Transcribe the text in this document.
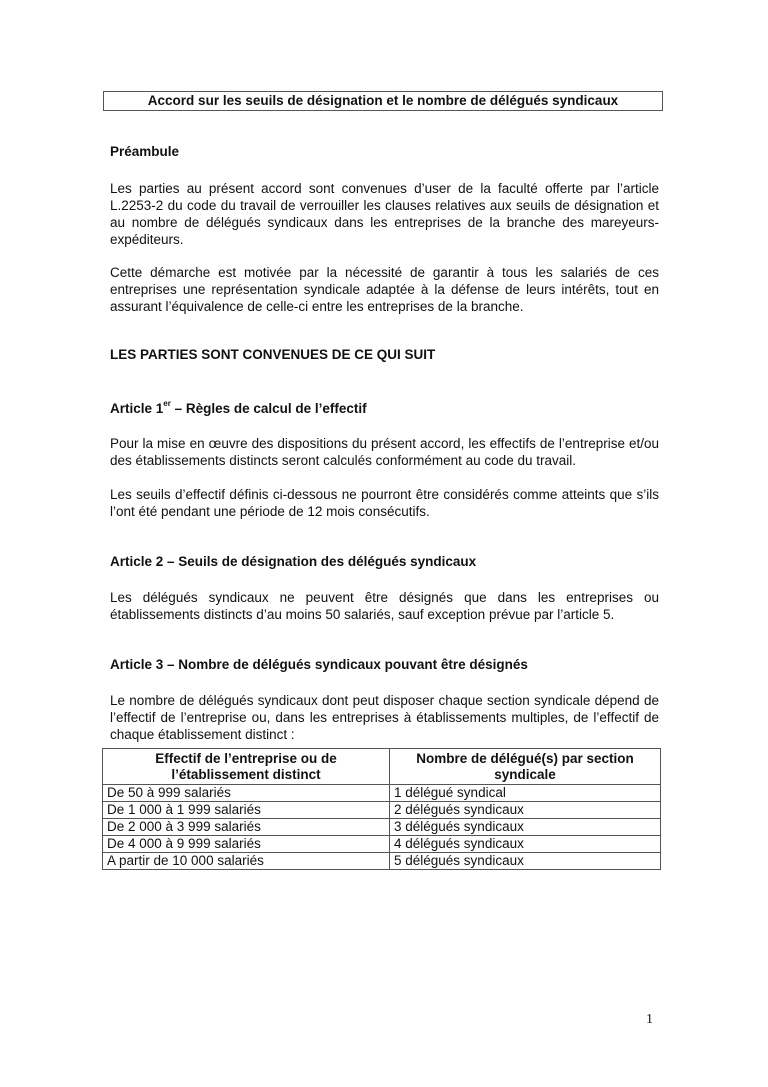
Accord sur les seuils de désignation et le nombre de délégués syndicaux
Préambule
Les parties au présent accord sont convenues d’user de la faculté offerte par l’article L.2253-2 du code du travail de verrouiller les clauses relatives aux seuils de désignation et au nombre de délégués syndicaux dans les entreprises de la branche des mareyeurs-expéditeurs.
Cette démarche est motivée par la nécessité de garantir à tous les salariés de ces entreprises une représentation syndicale adaptée à la défense de leurs intérêts, tout en assurant l’équivalence de celle-ci entre les entreprises de la branche.
LES PARTIES SONT CONVENUES DE CE QUI SUIT
Article 1er – Règles de calcul de l’effectif
Pour la mise en œuvre des dispositions du présent accord, les effectifs de l’entreprise et/ou des établissements distincts seront calculés conformément au code du travail.
Les seuils d’effectif définis ci-dessous ne pourront être considérés comme atteints que s’ils l’ont été pendant une période de 12 mois consécutifs.
Article 2 – Seuils de désignation des délégués syndicaux
Les délégués syndicaux ne peuvent être désignés que dans les entreprises ou établissements distincts d’au moins 50 salariés, sauf exception prévue par l’article 5.
Article 3 – Nombre de délégués syndicaux pouvant être désignés
Le nombre de délégués syndicaux dont peut disposer chaque section syndicale dépend de l’effectif de l’entreprise ou, dans les entreprises à établissements multiples, de l’effectif de chaque établissement distinct :
Effectif de l’entreprise ou de l’établissement distinct	Nombre de délégué(s) par section syndicale
De 50 à 999 salariés	1 délégué syndical
De 1 000 à 1 999 salariés	2 délégués syndicaux
De 2 000 à 3 999 salariés	3 délégués syndicaux
De 4 000 à 9 999 salariés	4 délégués syndicaux
A partir de 10 000 salariés	5 délégués syndicaux
1
